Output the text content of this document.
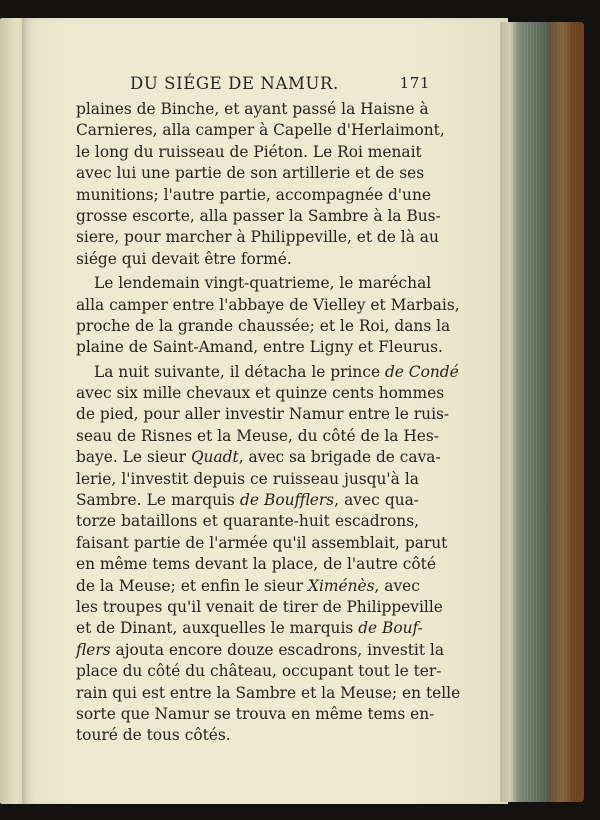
DU SIÉGE DE NAMUR.	171
plaines de Binche, et ayant passé la Haisne à
Carnieres, alla camper à Capelle d'Herlaimont,
le long du ruisseau de Piéton. Le Roi menait
avec lui une partie de son artillerie et de ses
munitions; l'autre partie, accompagnée d'une
grosse escorte, alla passer la Sambre à la Bus-
siere, pour marcher à Philippeville, et de là au
siége qui devait être formé.
Le lendemain vingt-quatrieme, le maréchal
alla camper entre l'abbaye de Vielley et Marbais,
proche de la grande chaussée; et le Roi, dans la
plaine de Saint-Amand, entre Ligny et Fleurus.
La nuit suivante, il détacha le prince de Condé
avec six mille chevaux et quinze cents hommes
de pied, pour aller investir Namur entre le ruis-
seau de Risnes et la Meuse, du côté de la Hes-
baye. Le sieur Quadt, avec sa brigade de cava-
lerie, l'investit depuis ce ruisseau jusqu'à la
Sambre. Le marquis de Boufflers, avec qua-
torze bataillons et quarante-huit escadrons,
faisant partie de l'armée qu'il assemblait, parut
en même tems devant la place, de l'autre côté
de la Meuse; et enfin le sieur Ximénès, avec
les troupes qu'il venait de tirer de Philippeville
et de Dinant, auxquelles le marquis de Bouf-
flers ajouta encore douze escadrons, investit la
place du côté du château, occupant tout le ter-
rain qui est entre la Sambre et la Meuse; en telle
sorte que Namur se trouva en même tems en-
touré de tous côtés.
